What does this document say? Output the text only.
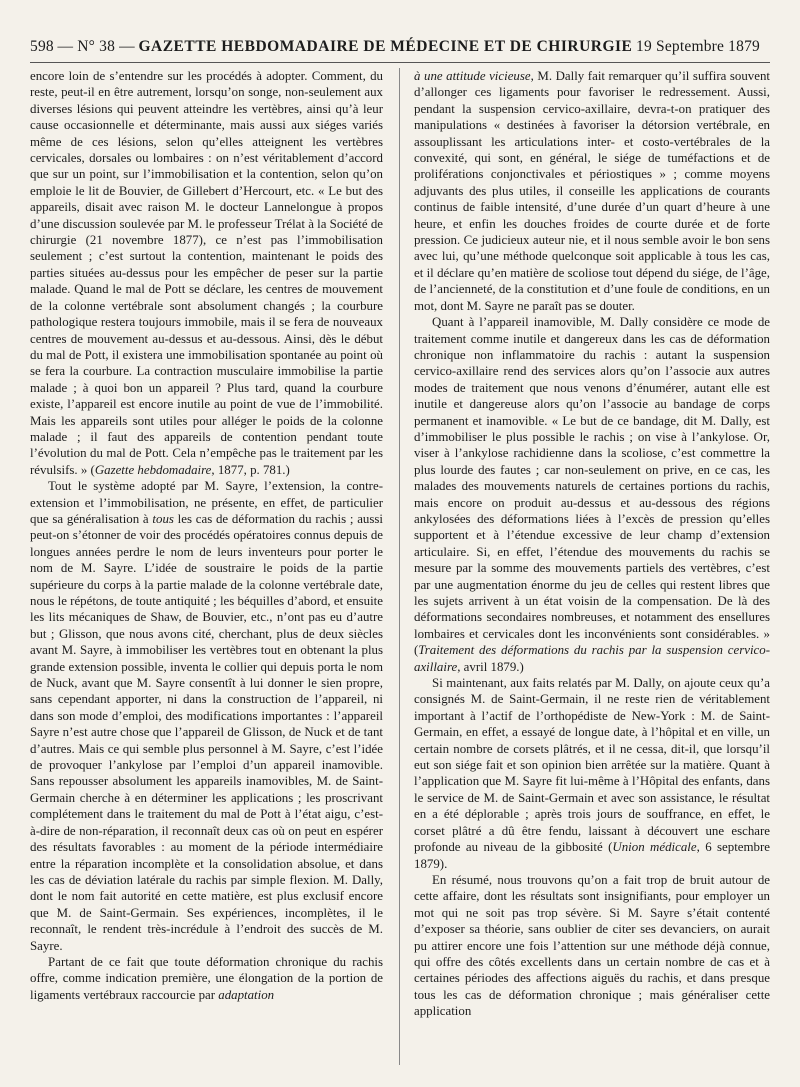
598 — N° 38 — GAZETTE HEBDOMADAIRE DE MÉDECINE ET DE CHIRURGIE 19 Septembre 1879

encore loin de s’entendre sur les procédés à adopter. Comment, du reste, peut-il en être autrement, lorsqu’on songe, non-seulement aux diverses lésions qui peuvent atteindre les vertèbres, ainsi qu’à leur cause occasionnelle et déterminante, mais aussi aux siéges variés même de ces lésions, selon qu’elles atteignent les vertèbres cervicales, dorsales ou lombaires : on n’est véritablement d’accord que sur un point, sur l’immobilisation et la contention, selon qu’on emploie le lit de Bouvier, de Gillebert d’Hercourt, etc. « Le but des appareils, disait avec raison M. le docteur Lannelongue à propos d’une discussion soulevée par M. le professeur Trélat à la Société de chirurgie (21 novembre 1877), ce n’est pas l’immobilisation seulement ; c’est surtout la contention, maintenant le poids des parties situées au-dessus pour les empêcher de peser sur la partie malade. Quand le mal de Pott se déclare, les centres de mouvement de la colonne vertébrale sont absolument changés ; la courbure pathologique restera toujours immobile, mais il se fera de nouveaux centres de mouvement au-dessus et au-dessous. Ainsi, dès le début du mal de Pott, il existera une immobilisation spontanée au point où se fera la courbure. La contraction musculaire immobilise la partie malade ; à quoi bon un appareil ? Plus tard, quand la courbure existe, l’appareil est encore inutile au point de vue de l’immobilité. Mais les appareils sont utiles pour alléger le poids de la colonne malade ; il faut des appareils de contention pendant toute l’évolution du mal de Pott. Cela n’empêche pas le traitement par les révulsifs. » (Gazette hebdomadaire, 1877, p. 781.)

Tout le système adopté par M. Sayre, l’extension, la contre-extension et l’immobilisation, ne présente, en effet, de particulier que sa généralisation à tous les cas de déformation du rachis ; aussi peut-on s’étonner de voir des procédés opératoires connus depuis de longues années perdre le nom de leurs inventeurs pour porter le nom de M. Sayre. L’idée de soustraire le poids de la partie supérieure du corps à la partie malade de la colonne vertébrale date, nous le répétons, de toute antiquité ; les béquilles d’abord, et ensuite les lits mécaniques de Shaw, de Bouvier, etc., n’ont pas eu d’autre but ; Glisson, que nous avons cité, cherchant, plus de deux siècles avant M. Sayre, à immobiliser les vertèbres tout en obtenant la plus grande extension possible, inventa le collier qui depuis porta le nom de Nuck, avant que M. Sayre consentît à lui donner le sien propre, sans cependant apporter, ni dans la construction de l’appareil, ni dans son mode d’emploi, des modifications importantes : l’appareil Sayre n’est autre chose que l’appareil de Glisson, de Nuck et de tant d’autres. Mais ce qui semble plus personnel à M. Sayre, c’est l’idée de provoquer l’ankylose par l’emploi d’un appareil inamovible. Sans repousser absolument les appareils inamovibles, M. de Saint-Germain cherche à en déterminer les applications ; les proscrivant complétement dans le traitement du mal de Pott à l’état aigu, c’est-à-dire de non-réparation, il reconnaît deux cas où on peut en espérer des résultats favorables : au moment de la période intermédiaire entre la réparation incomplète et la consolidation absolue, et dans les cas de déviation latérale du rachis par simple flexion. M. Dally, dont le nom fait autorité en cette matière, est plus exclusif encore que M. de Saint-Germain. Ses expériences, incomplètes, il le reconnaît, le rendent très-incrédule à l’endroit des succès de M. Sayre.

Partant de ce fait que toute déformation chronique du rachis offre, comme indication première, une élongation de la portion de ligaments vertébraux raccourcie par adaptation

à une attitude vicieuse, M. Dally fait remarquer qu’il suffira souvent d’allonger ces ligaments pour favoriser le redressement. Aussi, pendant la suspension cervico-axillaire, devra-t-on pratiquer des manipulations « destinées à favoriser la détorsion vertébrale, en assouplissant les articulations inter- et costo-vertébrales de la convexité, qui sont, en général, le siége de tuméfactions et de proliférations conjonctivales et périostiques » ; comme moyens adjuvants des plus utiles, il conseille les applications de courants continus de faible intensité, d’une durée d’un quart d’heure à une heure, et enfin les douches froides de courte durée et de forte pression. Ce judicieux auteur nie, et il nous semble avoir le bon sens avec lui, qu’une méthode quelconque soit applicable à tous les cas, et il déclare qu’en matière de scoliose tout dépend du siége, de l’âge, de l’ancienneté, de la constitution et d’une foule de conditions, en un mot, dont M. Sayre ne paraît pas se douter.

Quant à l’appareil inamovible, M. Dally considère ce mode de traitement comme inutile et dangereux dans les cas de déformation chronique non inflammatoire du rachis : autant la suspension cervico-axillaire rend des services alors qu’on l’associe aux autres modes de traitement que nous venons d’énumérer, autant elle est inutile et dangereuse alors qu’on l’associe au bandage de corps permanent et inamovible. « Le but de ce bandage, dit M. Dally, est d’immobiliser le plus possible le rachis ; on vise à l’ankylose. Or, viser à l’ankylose rachidienne dans la scoliose, c’est commettre la plus lourde des fautes ; car non-seulement on prive, en ce cas, les malades des mouvements naturels de certaines portions du rachis, mais encore on produit au-dessus et au-dessous des régions ankylosées des déformations liées à l’excès de pression qu’elles supportent et à l’étendue excessive de leur champ d’extension articulaire. Si, en effet, l’étendue des mouvements du rachis se mesure par la somme des mouvements partiels des vertèbres, c’est par une augmentation énorme du jeu de celles qui restent libres que les sujets arrivent à un état voisin de la compensation. De là des déformations secondaires nombreuses, et notamment des ensellures lombaires et cervicales dont les inconvénients sont considérables. » (Traitement des déformations du rachis par la suspension cervico-axillaire, avril 1879.)

Si maintenant, aux faits relatés par M. Dally, on ajoute ceux qu’a consignés M. de Saint-Germain, il ne reste rien de véritablement important à l’actif de l’orthopédiste de New-York : M. de Saint-Germain, en effet, a essayé de longue date, à l’hôpital et en ville, un certain nombre de corsets plâtrés, et il ne cessa, dit-il, que lorsqu’il eut son siége fait et son opinion bien arrêtée sur la matière. Quant à l’application que M. Sayre fit lui-même à l’Hôpital des enfants, dans le service de M. de Saint-Germain et avec son assistance, le résultat en a été déplorable ; après trois jours de souffrance, en effet, le corset plâtré a dû être fendu, laissant à découvert une eschare profonde au niveau de la gibbosité (Union médicale, 6 septembre 1879).

En résumé, nous trouvons qu’on a fait trop de bruit autour de cette affaire, dont les résultats sont insignifiants, pour employer un mot qui ne soit pas trop sévère. Si M. Sayre s’était contenté d’exposer sa théorie, sans oublier de citer ses devanciers, on aurait pu attirer encore une fois l’attention sur une méthode déjà connue, qui offre des côtés excellents dans un certain nombre de cas et à certaines périodes des affections aiguës du rachis, et dans presque tous les cas de déformation chronique ; mais généraliser cette application
